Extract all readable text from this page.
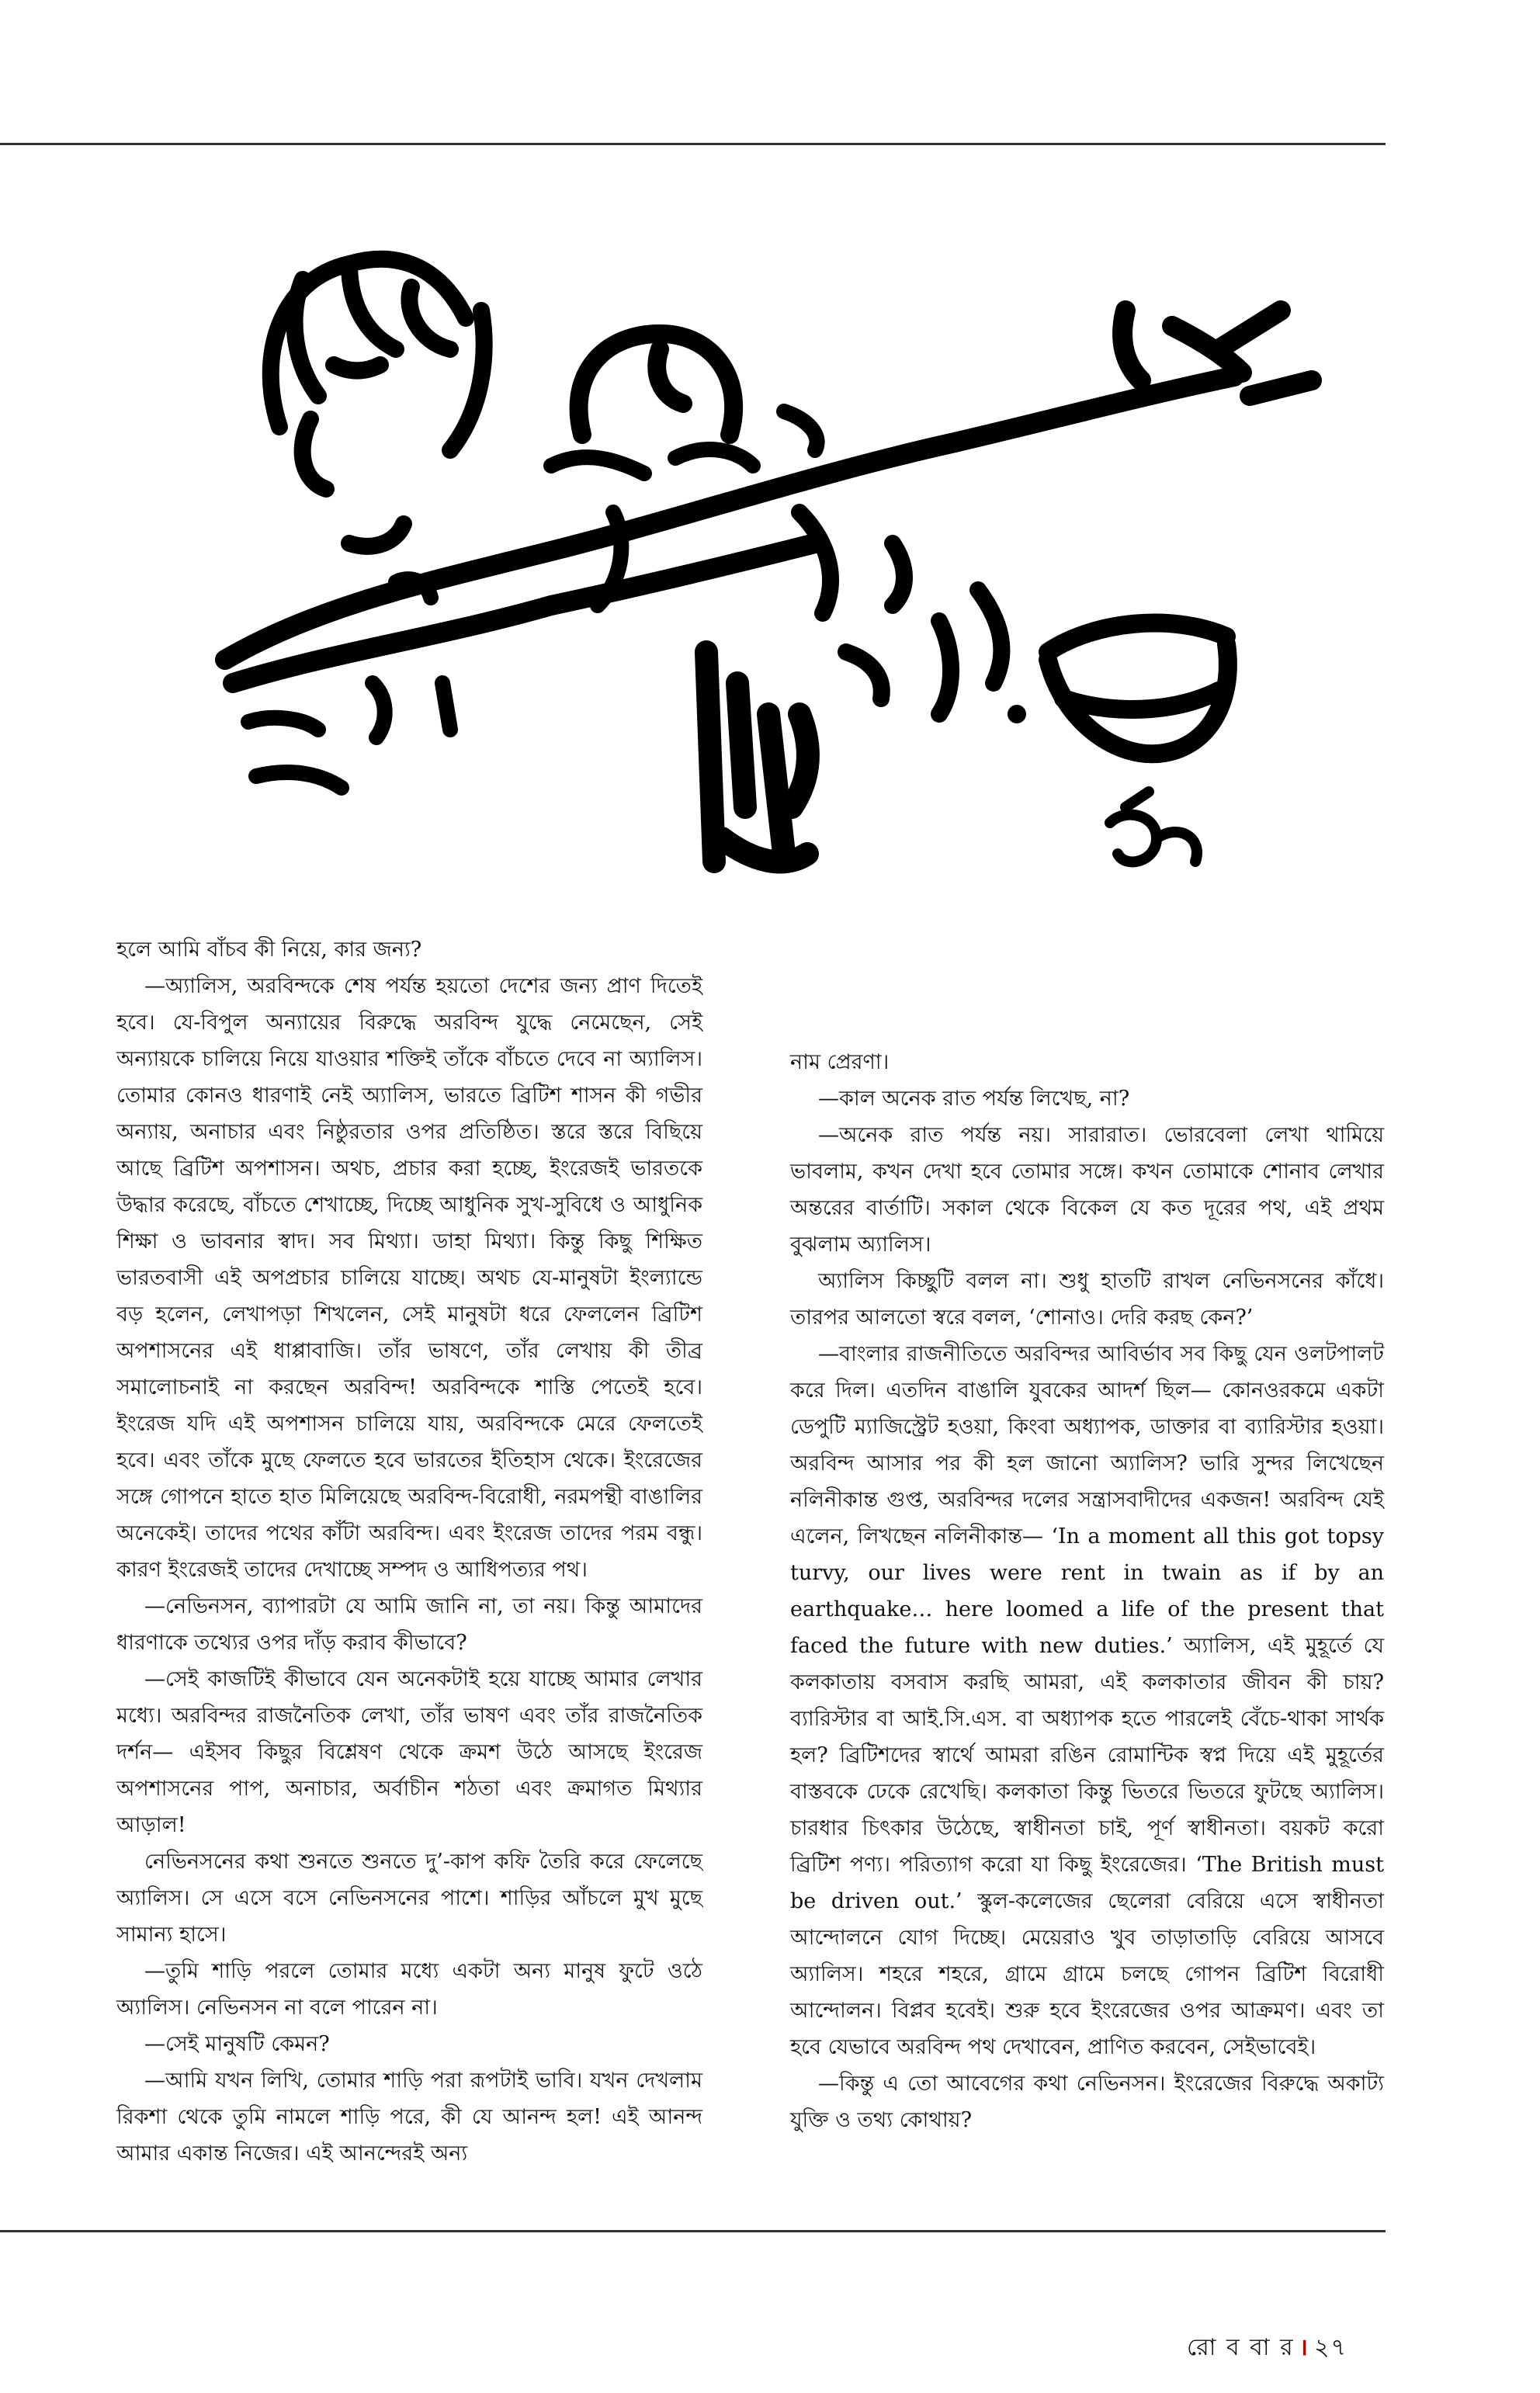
হলে আমি বাঁচব কী নিয়ে, কার জন্য?

—অ্যালিস, অরবিন্দকে শেষ পর্যন্ত হয়তো দেশের জন্য প্রাণ দিতেই হবে। যে-বিপুল অন্যায়ের বিরুদ্ধে অরবিন্দ যুদ্ধে নেমেছেন, সেই অন্যায়কে চালিয়ে নিয়ে যাওয়ার শক্তিই তাঁকে বাঁচতে দেবে না অ্যালিস। তোমার কোনও ধারণাই নেই অ্যালিস, ভারতে ব্রিটিশ শাসন কী গভীর অন্যায়, অনাচার এবং নিষ্ঠুরতার ওপর প্রতিষ্ঠিত। স্তরে স্তরে বিছিয়ে আছে ব্রিটিশ অপশাসন। অথচ, প্রচার করা হচ্ছে, ইংরেজই ভারতকে উদ্ধার করেছে, বাঁচতে শেখাচ্ছে, দিচ্ছে আধুনিক সুখ-সুবিধে ও আধুনিক শিক্ষা ও ভাবনার স্বাদ। সব মিথ্যা। ডাহা মিথ্যা। কিন্তু কিছু শিক্ষিত ভারতবাসী এই অপপ্রচার চালিয়ে যাচ্ছে। অথচ যে-মানুষটা ইংল্যান্ডে বড় হলেন, লেখাপড়া শিখলেন, সেই মানুষটা ধরে ফেললেন ব্রিটিশ অপশাসনের এই ধাপ্পাবাজি। তাঁর ভাষণে, তাঁর লেখায় কী তীব্র সমালোচনাই না করছেন অরবিন্দ! অরবিন্দকে শাস্তি পেতেই হবে। ইংরেজ যদি এই অপশাসন চালিয়ে যায়, অরবিন্দকে মেরে ফেলতেই হবে। এবং তাঁকে মুছে ফেলতে হবে ভারতের ইতিহাস থেকে। ইংরেজের সঙ্গে গোপনে হাতে হাত মিলিয়েছে অরবিন্দ-বিরোধী, নরমপন্থী বাঙালির অনেকেই। তাদের পথের কাঁটা অরবিন্দ। এবং ইংরেজ তাদের পরম বন্ধু। কারণ ইংরেজই তাদের দেখাচ্ছে সম্পদ ও আধিপত্যর পথ।

—নেভিনসন, ব্যাপারটা যে আমি জানি না, তা নয়। কিন্তু আমাদের ধারণাকে তথ্যের ওপর দাঁড় করাব কীভাবে?

—সেই কাজটিই কীভাবে যেন অনেকটাই হয়ে যাচ্ছে আমার লেখার মধ্যে। অরবিন্দর রাজনৈতিক লেখা, তাঁর ভাষণ এবং তাঁর রাজনৈতিক দর্শন— এইসব কিছুর বিশ্লেষণ থেকে ক্রমশ উঠে আসছে ইংরেজ অপশাসনের পাপ, অনাচার, অর্বাচীন শঠতা এবং ক্রমাগত মিথ্যার আড়াল!

নেভিনসনের কথা শুনতে শুনতে দু’-কাপ কফি তৈরি করে ফেলেছে অ্যালিস। সে এসে বসে নেভিনসনের পাশে। শাড়ির আঁচলে মুখ মুছে সামান্য হাসে।

—তুমি শাড়ি পরলে তোমার মধ্যে একটা অন্য মানুষ ফুটে ওঠে অ্যালিস। নেভিনসন না বলে পারেন না।

—সেই মানুষটি কেমন?

—আমি যখন লিখি, তোমার শাড়ি পরা রূপটাই ভাবি। যখন দেখলাম রিকশা থেকে তুমি নামলে শাড়ি পরে, কী যে আনন্দ হল! এই আনন্দ আমার একান্ত নিজের। এই আনন্দেরই অন্য

নাম প্রেরণা।

—কাল অনেক রাত পর্যন্ত লিখেছ, না?

—অনেক রাত পর্যন্ত নয়। সারারাত। ভোরবেলা লেখা থামিয়ে ভাবলাম, কখন দেখা হবে তোমার সঙ্গে। কখন তোমাকে শোনাব লেখার অন্তরের বার্তাটি। সকাল থেকে বিকেল যে কত দূরের পথ, এই প্রথম বুঝলাম অ্যালিস।

অ্যালিস কিচ্ছুটি বলল না। শুধু হাতটি রাখল নেভিনসনের কাঁধে। তারপর আলতো স্বরে বলল, ‘শোনাও। দেরি করছ কেন?’

—বাংলার রাজনীতিতে অরবিন্দর আবির্ভাব সব কিছু যেন ওলটপালট করে দিল। এতদিন বাঙালি যুবকের আদর্শ ছিল— কোনওরকমে একটা ডেপুটি ম্যাজিস্ট্রেট হওয়া, কিংবা অধ্যাপক, ডাক্তার বা ব্যারিস্টার হওয়া। অরবিন্দ আসার পর কী হল জানো অ্যালিস? ভারি সুন্দর লিখেছেন নলিনীকান্ত গুপ্ত, অরবিন্দর দলের সন্ত্রাসবাদীদের একজন! অরবিন্দ যেই এলেন, লিখছেন নলিনীকান্ত— ‘In a moment all this got topsy turvy, our lives were rent in twain as if by an earthquake… here loomed a life of the present that faced the future with new duties.’ অ্যালিস, এই মুহূর্তে যে কলকাতায় বসবাস করছি আমরা, এই কলকাতার জীবন কী চায়? ব্যারিস্টার বা আই.সি.এস. বা অধ্যাপক হতে পারলেই বেঁচে-থাকা সার্থক হল? ব্রিটিশদের স্বার্থে আমরা রঙিন রোমান্টিক স্বপ্ন দিয়ে এই মুহূর্তের বাস্তবকে ঢেকে রেখেছি। কলকাতা কিন্তু ভিতরে ভিতরে ফুটছে অ্যালিস। চারধার চিৎকার উঠেছে, স্বাধীনতা চাই, পূর্ণ স্বাধীনতা। বয়কট করো ব্রিটিশ পণ্য। পরিত্যাগ করো যা কিছু ইংরেজের। ‘The British must be driven out.’ স্কুল-কলেজের ছেলেরা বেরিয়ে এসে স্বাধীনতা আন্দোলনে যোগ দিচ্ছে। মেয়েরাও খুব তাড়াতাড়ি বেরিয়ে আসবে অ্যালিস। শহরে শহরে, গ্রামে গ্রামে চলছে গোপন ব্রিটিশ বিরোধী আন্দোলন। বিপ্লব হবেই। শুরু হবে ইংরেজের ওপর আক্রমণ। এবং তা হবে যেভাবে অরবিন্দ পথ দেখাবেন, প্রাণিত করবেন, সেইভাবেই।

—কিন্তু এ তো আবেগের কথা নেভিনসন। ইংরেজের বিরুদ্ধে অকাট্য যুক্তি ও তথ্য কোথায়?

রো ব বা র । ২৭
